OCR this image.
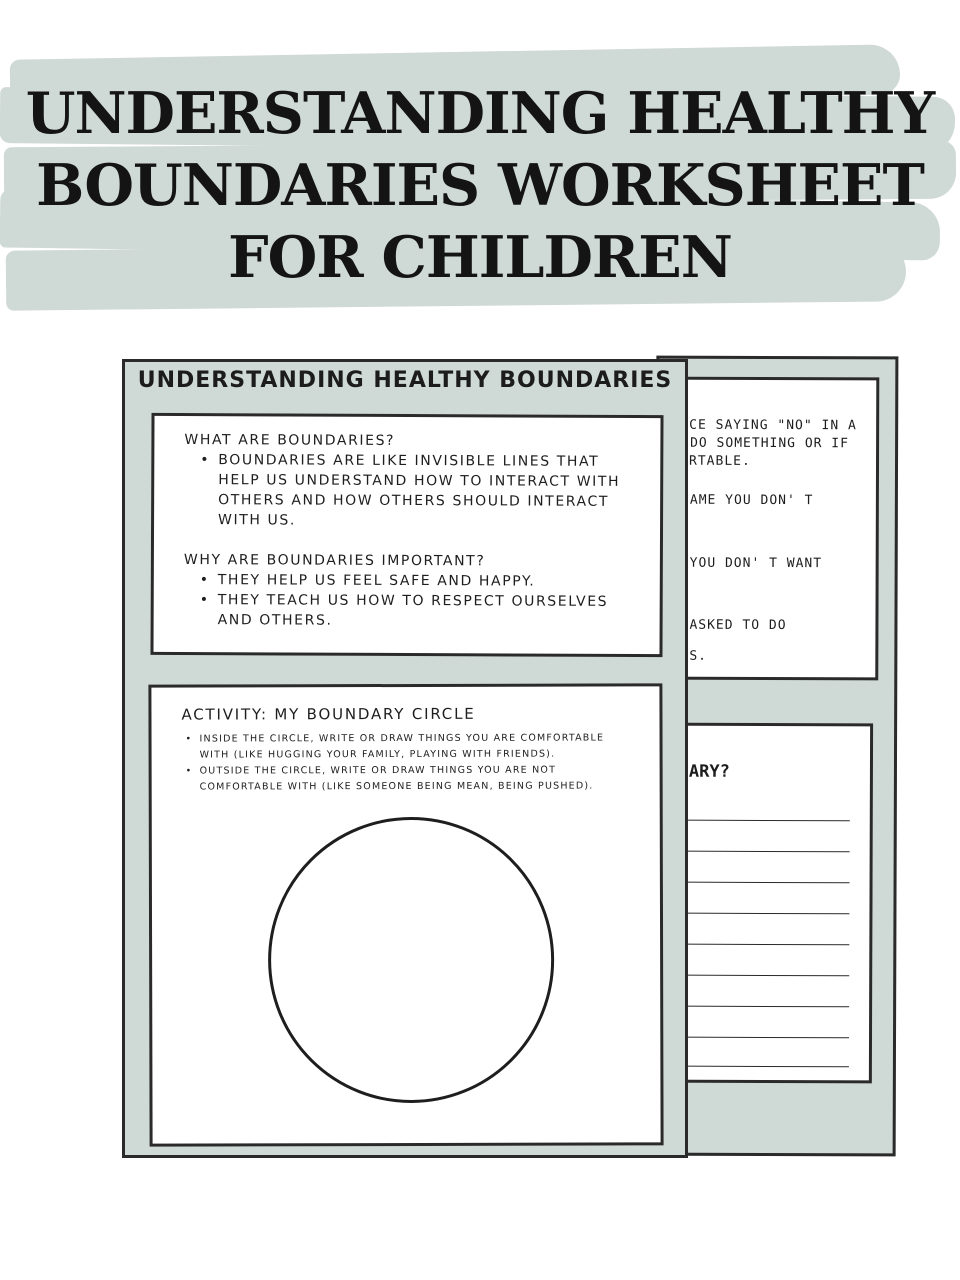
UNDERSTANDING HEALTHY BOUNDARIES WORKSHEET FOR CHILDREN
CE SAYING "NO" IN A
DO SOMETHING OR IF
RTABLE.
AME YOU DON' T
YOU DON' T WANT
ASKED TO DO
S.
ARY?
UNDERSTANDING HEALTHY BOUNDARIES
WHAT ARE BOUNDARIES?
• BOUNDARIES ARE LIKE INVISIBLE LINES THAT HELP US UNDERSTAND HOW TO INTERACT WITH OTHERS AND HOW OTHERS SHOULD INTERACT WITH US.
WHY ARE BOUNDARIES IMPORTANT?
• THEY HELP US FEEL SAFE AND HAPPY.
• THEY TEACH US HOW TO RESPECT OURSELVES AND OTHERS.
ACTIVITY: MY BOUNDARY CIRCLE
• INSIDE THE CIRCLE, WRITE OR DRAW THINGS YOU ARE COMFORTABLE WITH (LIKE HUGGING YOUR FAMILY, PLAYING WITH FRIENDS).
• OUTSIDE THE CIRCLE, WRITE OR DRAW THINGS YOU ARE NOT COMFORTABLE WITH (LIKE SOMEONE BEING MEAN, BEING PUSHED).
